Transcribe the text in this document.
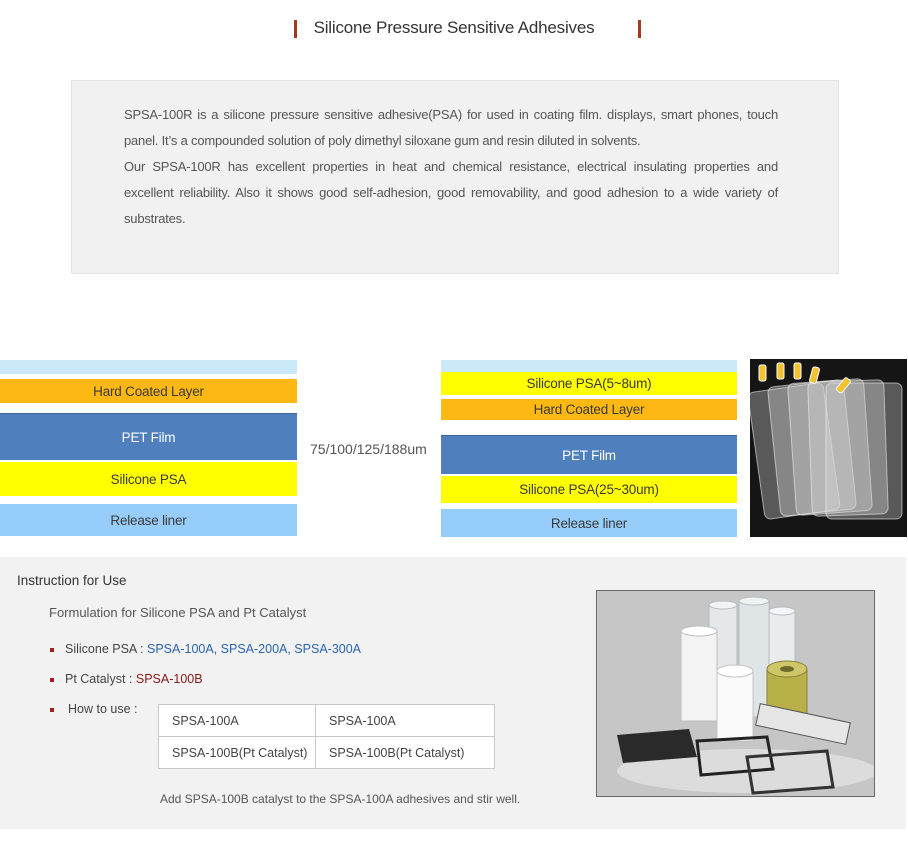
Silicone Pressure Sensitive Adhesives

SPSA-100R is a silicone pressure sensitive adhesive(PSA) for used in coating film. displays, smart phones, touch panel. It’s a compounded solution of poly dimethyl siloxane gum and resin diluted in solvents.

Our SPSA-100R has excellent properties in heat and chemical resistance, electrical insulating properties and excellent reliability. Also it shows good self-adhesion, good removability, and good adhesion to a wide variety of substrates.

Hard Coated Layer
PET Film
Silicone PSA
Release liner
75/100/125/188um
Silicone PSA(5~8um)
Hard Coated Layer
PET Film
Silicone PSA(25~30um)
Release liner
Instruction for Use
Formulation for Silicone PSA and Pt Catalyst
Silicone PSA : SPSA-100A, SPSA-200A, SPSA-300A
Pt Catalyst : SPSA-100B
How to use :
SPSA-100A	SPSA-100A
SPSA-100B(Pt Catalyst)	SPSA-100B(Pt Catalyst)
Add SPSA-100B catalyst to the SPSA-100A adhesives and stir well.
